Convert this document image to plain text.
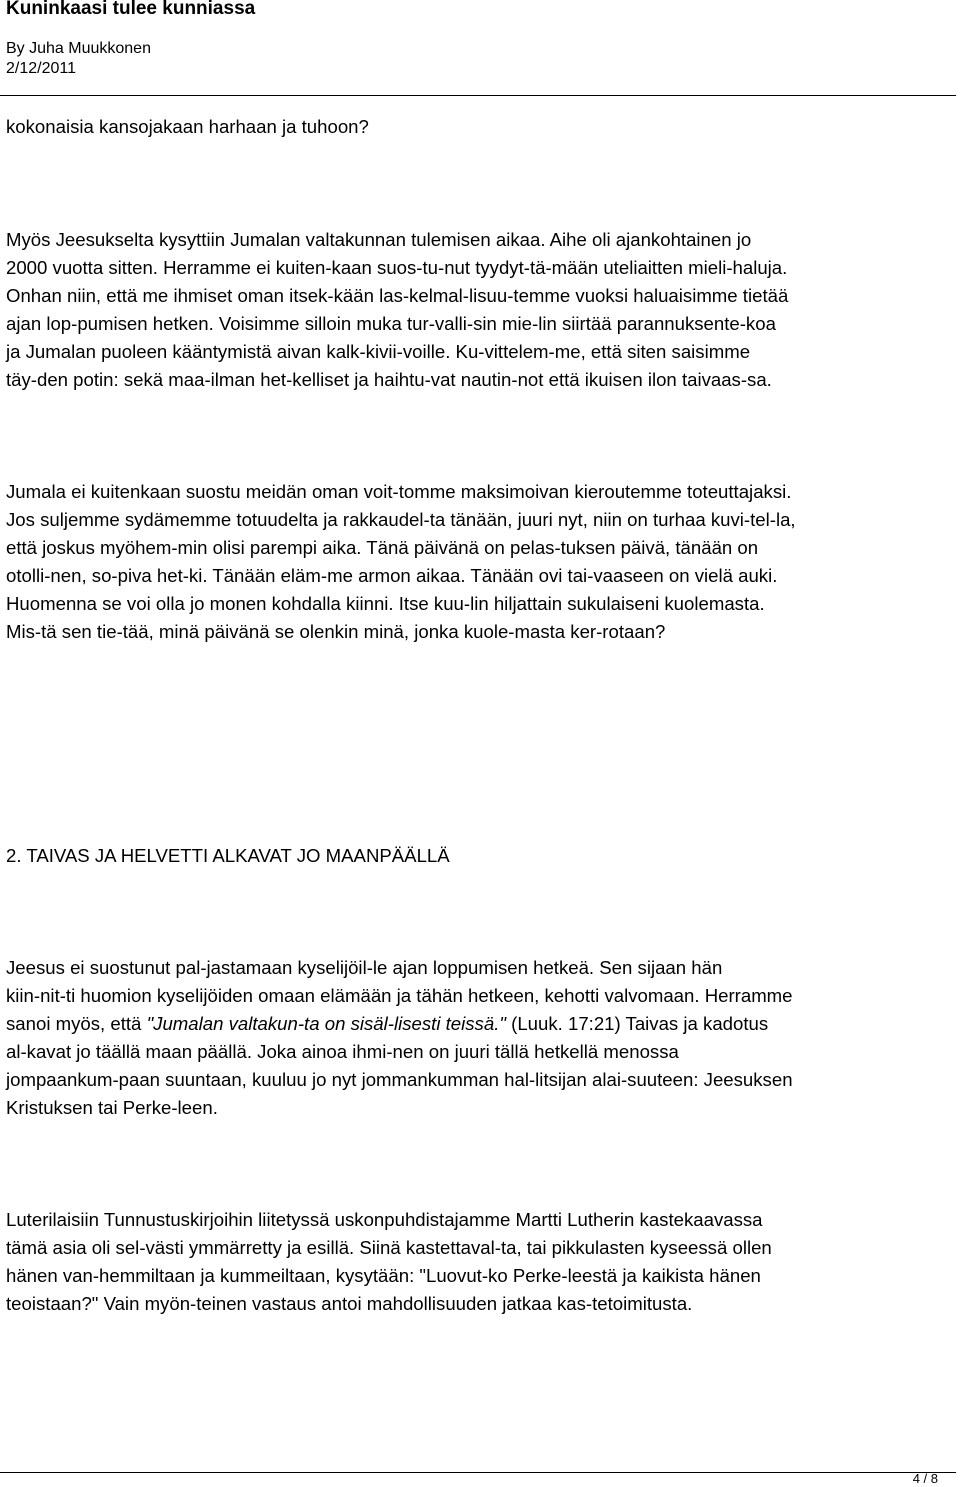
Kuninkaasi tulee kunniassa
By Juha Muukkonen
2/12/2011

kokonaisia kansojakaan harhaan ja tuhoon?

Myös Jeesukselta kysyttiin Jumalan valtakunnan tulemisen aikaa. Aihe oli ajankohtainen jo
2000 vuotta sitten. Herramme ei kuiten-kaan suos-tu-nut tyydyt-tä-mään uteliaitten mieli-haluja.
Onhan niin, että me ihmiset oman itsek-kään las-kelmal-lisuu-temme vuoksi haluaisimme tietää
ajan lop-pumisen hetken. Voisimme silloin muka tur-valli-sin mie-lin siirtää parannuksente-koa
ja Jumalan puoleen kääntymistä aivan kalk-kivii-voille. Ku-vittelem-me, että siten saisimme
täy-den potin: sekä maa-ilman het-kelliset ja haihtu-vat nautin-not että ikuisen ilon taivaas-sa.

Jumala ei kuitenkaan suostu meidän oman voit-tomme maksimoivan kieroutemme toteuttajaksi.
Jos suljemme sydämemme totuudelta ja rakkaudel-ta tänään, juuri nyt, niin on turhaa kuvi-tel-la,
että joskus myöhem-min olisi parempi aika. Tänä päivänä on pelas-tuksen päivä, tänään on
otolli-nen, so-piva het-ki. Tänään eläm-me armon aikaa. Tänään ovi tai-vaaseen on vielä auki.
Huomenna se voi olla jo monen kohdalla kiinni. Itse kuu-lin hiljattain sukulaiseni kuolemasta.
Mis-tä sen tie-tää, minä päivänä se olenkin minä, jonka kuole-masta ker-rotaan?

2. TAIVAS JA HELVETTI ALKAVAT JO MAANPÄÄLLÄ

Jeesus ei suostunut pal-jastamaan kyselijöil-le ajan loppumisen hetkeä. Sen sijaan hän
kiin-nit-ti huomion kyselijöiden omaan elämään ja tähän hetkeen, kehotti valvomaan. Herramme
sanoi myös, että "Jumalan valtakun-ta on sisäl-lisesti teissä." (Luuk. 17:21) Taivas ja kadotus
al-kavat jo täällä maan päällä. Joka ainoa ihmi-nen on juuri tällä hetkellä menossa
jompaankum-paan suuntaan, kuuluu jo nyt jommankumman hal-litsijan alai-suuteen: Jeesuksen
Kristuksen tai Perke-leen.

Luterilaisiin Tunnustuskirjoihin liitetyssä uskonpuhdistajamme Martti Lutherin kastekaavassa
tämä asia oli sel-västi ymmärretty ja esillä. Siinä kastettaval-ta, tai pikkulasten kyseessä ollen
hänen van-hemmiltaan ja kummeiltaan, kysytään: "Luovut-ko Perke-leestä ja kaikista hänen
teoistaan?" Vain myön-teinen vastaus antoi mahdollisuuden jatkaa kas-tetoimitusta.

4 / 8
